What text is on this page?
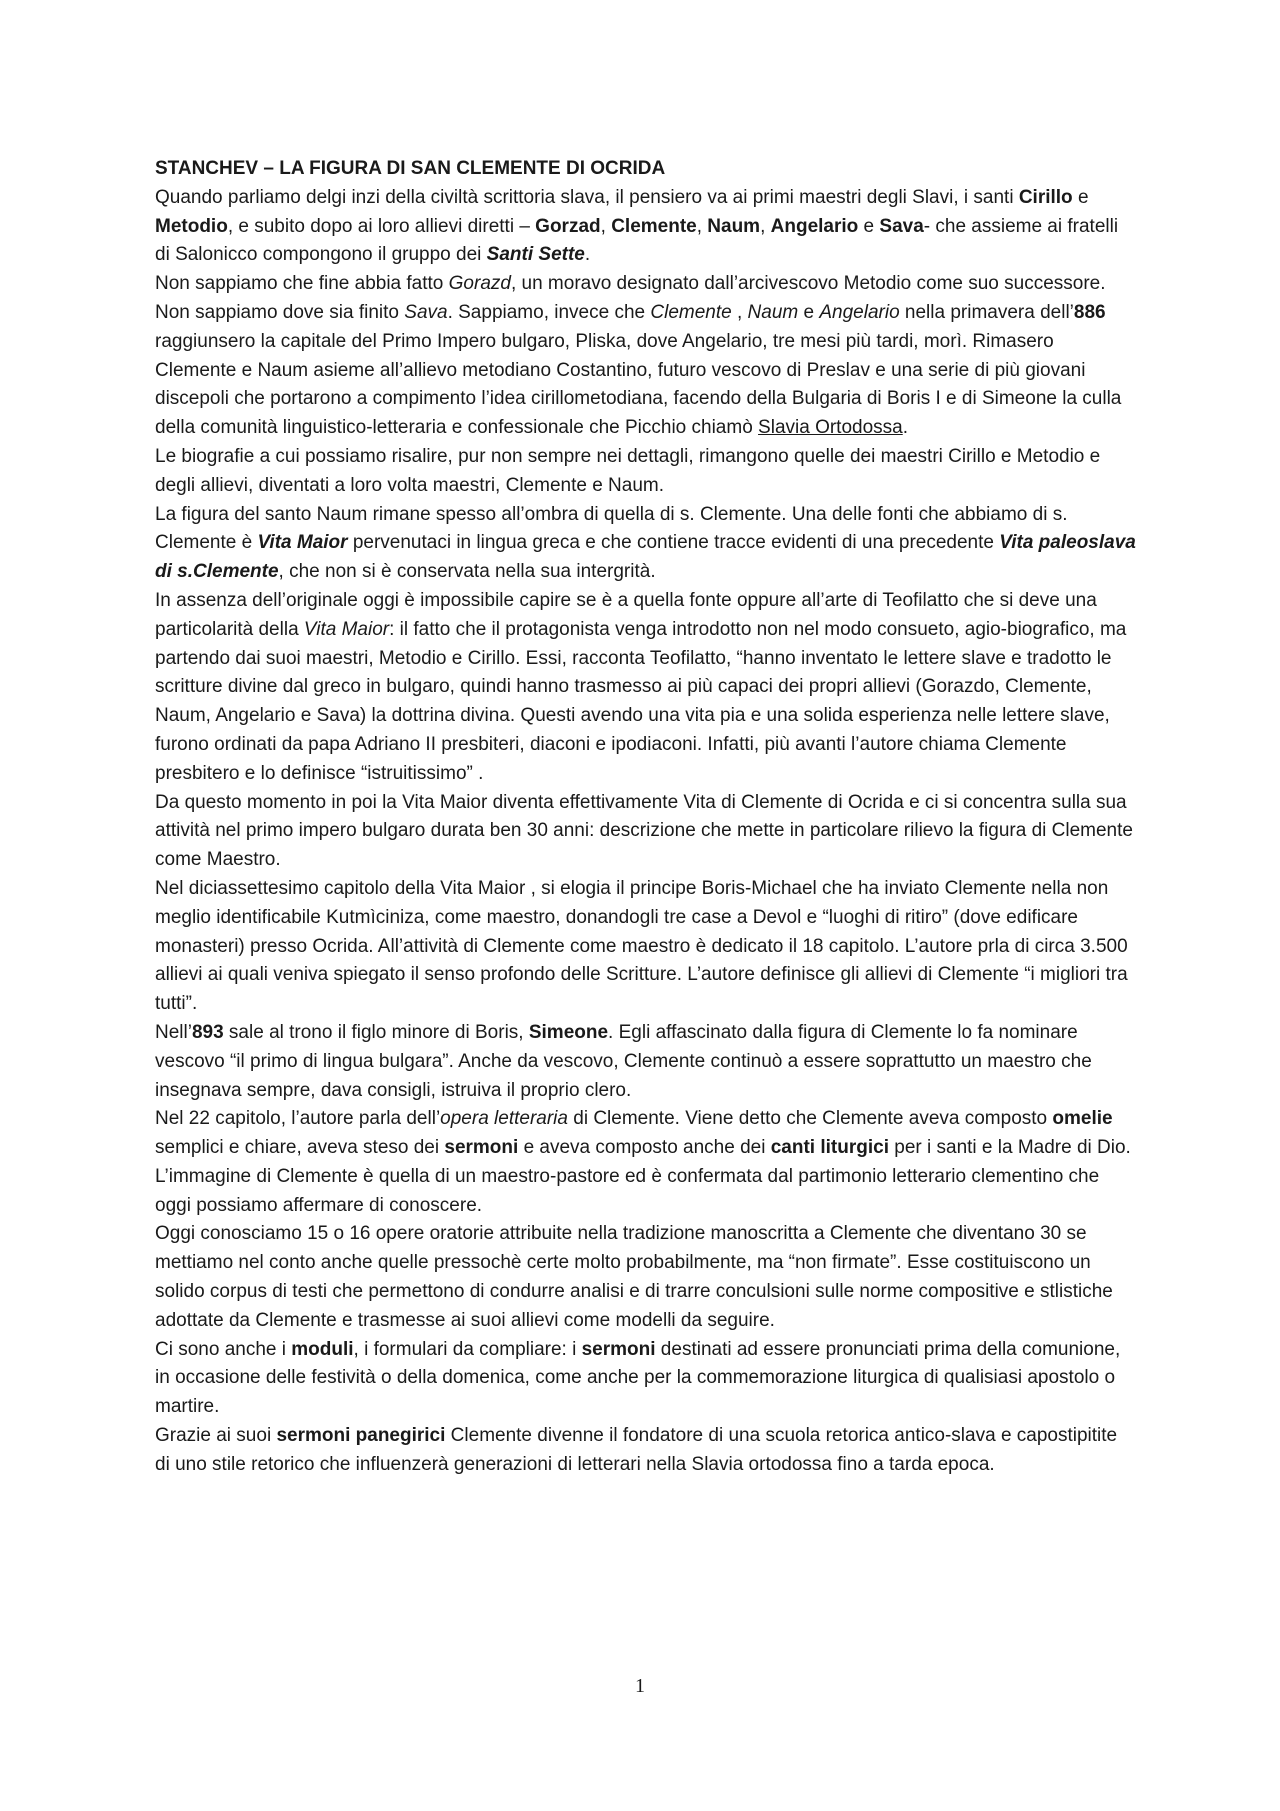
STANCHEV – LA FIGURA DI SAN CLEMENTE DI OCRIDA

Quando parliamo delgi inzi della civiltà scrittoria slava, il pensiero va ai primi maestri degli Slavi, i santi Cirillo e Metodio, e subito dopo ai loro allievi diretti – Gorzad, Clemente, Naum, Angelario e Sava- che assieme ai fratelli di Salonicco compongono il gruppo dei Santi Sette.

Non sappiamo che fine abbia fatto Gorazd, un moravo designato dall’arcivescovo Metodio come suo successore. Non sappiamo dove sia finito Sava. Sappiamo, invece che Clemente , Naum e Angelario nella primavera dell’886 raggiunsero la capitale del Primo Impero bulgaro, Pliska, dove Angelario, tre mesi più tardi, morì. Rimasero Clemente e Naum asieme all’allievo metodiano Costantino, futuro vescovo di Preslav e una serie di più giovani discepoli che portarono a compimento l’idea cirillometodiana, facendo della Bulgaria di Boris I e di Simeone la culla della comunità linguistico-letteraria e confessionale che Picchio chiamò Slavia Ortodossa.

Le biografie a cui possiamo risalire, pur non sempre nei dettagli, rimangono quelle dei maestri Cirillo e Metodio e degli allievi, diventati a loro volta maestri, Clemente e Naum.

La figura del santo Naum rimane spesso all’ombra di quella di s. Clemente. Una delle fonti che abbiamo di s. Clemente è Vita Maior pervenutaci in lingua greca e che contiene tracce evidenti di una precedente Vita paleoslava di s.Clemente, che non si è conservata nella sua intergrità.

In assenza dell’originale oggi è impossibile capire se è a quella fonte oppure all’arte di Teofilatto che si deve una particolarità della Vita Maior: il fatto che il protagonista venga introdotto non nel modo consueto, agio-biografico, ma partendo dai suoi maestri, Metodio e Cirillo. Essi, racconta Teofilatto, “hanno inventato le lettere slave e tradotto le scritture divine dal greco in bulgaro, quindi hanno trasmesso ai più capaci dei propri allievi (Gorazdo, Clemente, Naum, Angelario e Sava) la dottrina divina. Questi avendo una vita pia e una solida esperienza nelle lettere slave, furono ordinati da papa Adriano II presbiteri, diaconi e ipodiaconi. Infatti, più avanti l’autore chiama Clemente presbitero e lo definisce “istruitissimo” .

Da questo momento in poi la Vita Maior diventa effettivamente Vita di Clemente di Ocrida e ci si concentra sulla sua attività nel primo impero bulgaro durata ben 30 anni: descrizione che mette in particolare rilievo la figura di Clemente come Maestro.

Nel diciassettesimo capitolo della Vita Maior , si elogia il principe Boris-Michael che ha inviato Clemente nella non meglio identificabile Kutmìciniza, come maestro, donandogli tre case a Devol e “luoghi di ritiro” (dove edificare monasteri) presso Ocrida. All’attività di Clemente come maestro è dedicato il 18 capitolo. L’autore prla di circa 3.500 allievi ai quali veniva spiegato il senso profondo delle Scritture. L’autore definisce gli allievi di Clemente “i migliori tra tutti”.

Nell’893 sale al trono il figlo minore di Boris, Simeone. Egli affascinato dalla figura di Clemente lo fa nominare vescovo “il primo di lingua bulgara”. Anche da vescovo, Clemente continuò a essere soprattutto un maestro che insegnava sempre, dava consigli, istruiva il proprio clero.

Nel 22 capitolo, l’autore parla dell’opera letteraria di Clemente. Viene detto che Clemente aveva composto omelie semplici e chiare, aveva steso dei sermoni e aveva composto anche dei canti liturgici per i santi e la Madre di Dio. L’immagine di Clemente è quella di un maestro-pastore ed è confermata dal partimonio letterario clementino che oggi possiamo affermare di conoscere.

Oggi conosciamo 15 o 16 opere oratorie attribuite nella tradizione manoscritta a Clemente che diventano 30 se mettiamo nel conto anche quelle pressochè certe molto probabilmente, ma “non firmate”. Esse costituiscono un solido corpus di testi che permettono di condurre analisi e di trarre conculsioni sulle norme compositive e stlistiche adottate da Clemente e trasmesse ai suoi allievi come modelli da seguire.

Ci sono anche i moduli, i formulari da compliare: i sermoni destinati ad essere pronunciati prima della comunione, in occasione delle festività o della domenica, come anche per la commemorazione liturgica di qualisiasi apostolo o martire.

Grazie ai suoi sermoni panegirici Clemente divenne il fondatore di una scuola retorica antico-slava e capostipitite di uno stile retorico che influenzerà generazioni di letterari nella Slavia ortodossa fino a tarda epoca.

1
